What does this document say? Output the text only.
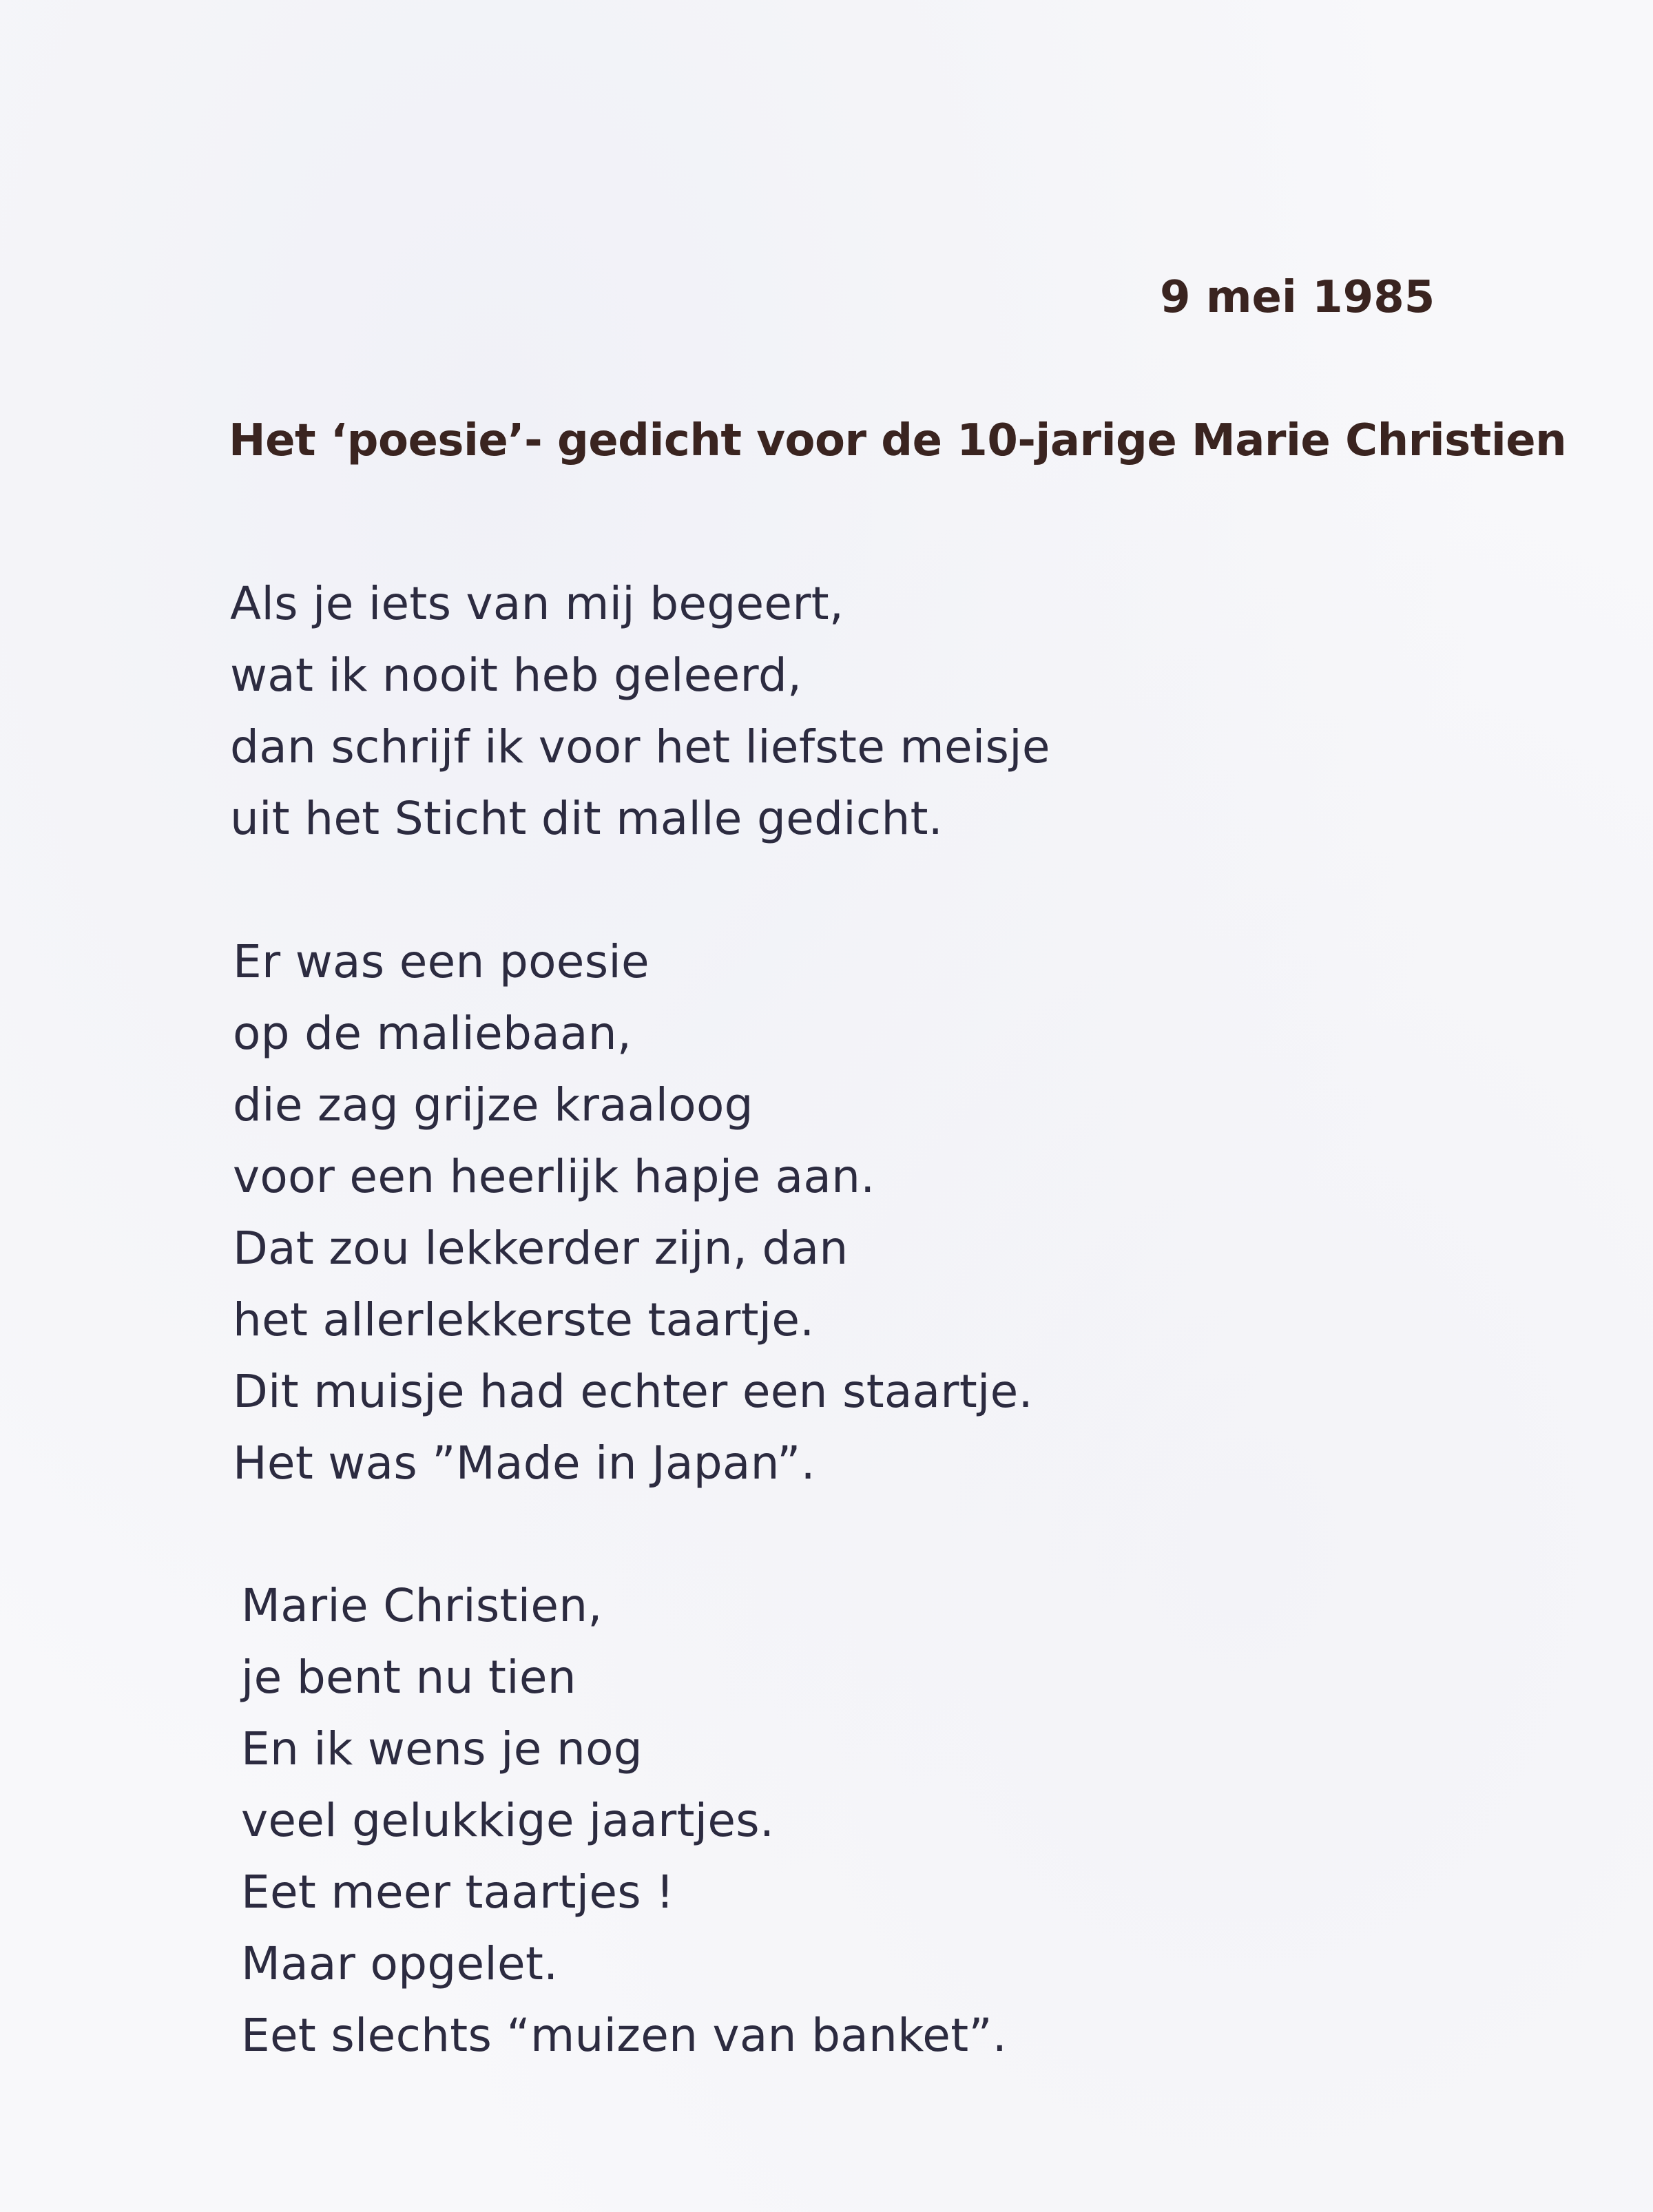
9 mei 1985
Het ‘poesie’- gedicht voor de 10-jarige Marie Christien
Als je iets van mij begeert,
wat ik nooit heb geleerd,
dan schrijf ik voor het liefste meisje
uit het Sticht dit malle gedicht.
Er was een poesie
op de maliebaan,
die zag grijze kraaloog
voor een heerlijk hapje aan.
Dat zou lekkerder zijn, dan
het allerlekkerste taartje.
Dit muisje had echter een staartje.
Het was ”Made in Japan”.
Marie Christien,
je bent nu tien
En ik wens je nog
veel gelukkige jaartjes.
Eet meer taartjes !
Maar opgelet.
Eet slechts “muizen van banket”.
